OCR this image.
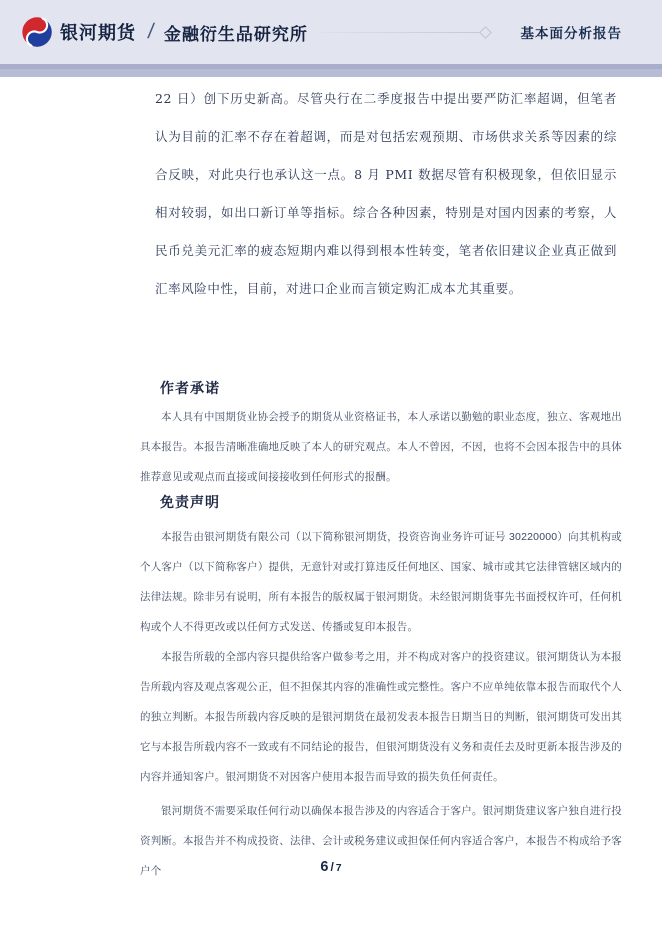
银河期货 / 金融衍生品研究所	基本面分析报告

22 日）创下历史新高。尽管央行在二季度报告中提出要严防汇率超调，但笔者认为目前的汇率不存在着超调，而是对包括宏观预期、市场供求关系等因素的综合反映，对此央行也承认这一点。8 月 PMI 数据尽管有积极现象，但依旧显示相对较弱，如出口新订单等指标。综合各种因素，特别是对国内因素的考察，人民币兑美元汇率的疲态短期内难以得到根本性转变，笔者依旧建议企业真正做到汇率风险中性，目前，对进口企业而言锁定购汇成本尤其重要。

作者承诺

本人具有中国期货业协会授予的期货从业资格证书，本人承诺以勤勉的职业态度，独立、客观地出具本报告。本报告清晰准确地反映了本人的研究观点。本人不曾因，不因，也将不会因本报告中的具体推荐意见或观点而直接或间接接收到任何形式的报酬。

免责声明

本报告由银河期货有限公司（以下简称银河期货，投资咨询业务许可证号 30220000）向其机构或个人客户（以下简称客户）提供，无意针对或打算违反任何地区、国家、城市或其它法律管辖区域内的法律法规。除非另有说明，所有本报告的版权属于银河期货。未经银河期货事先书面授权许可，任何机构或个人不得更改或以任何方式发送、传播或复印本报告。

本报告所载的全部内容只提供给客户做参考之用，并不构成对客户的投资建议。银河期货认为本报告所载内容及观点客观公正，但不担保其内容的准确性或完整性。客户不应单纯依靠本报告而取代个人的独立判断。本报告所载内容反映的是银河期货在最初发表本报告日期当日的判断，银河期货可发出其它与本报告所载内容不一致或有不同结论的报告，但银河期货没有义务和责任去及时更新本报告涉及的内容并通知客户。银河期货不对因客户使用本报告而导致的损失负任何责任。

银河期货不需要采取任何行动以确保本报告涉及的内容适合于客户。银河期货建议客户独自进行投资判断。本报告并不构成投资、法律、会计或税务建议或担保任何内容适合客户，本报告不构成给予客户个	6 / 7
